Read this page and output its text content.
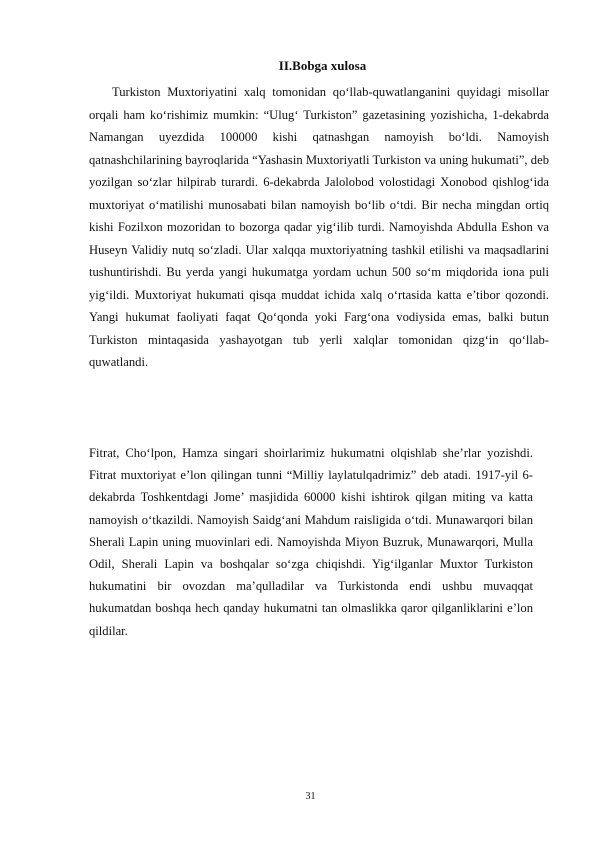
II.Bobga xulosa

Turkiston Muxtoriyatini xalq tomonidan qo‘llab-quwatlanganini quyidagi misollar orqali ham ko‘rishimiz mumkin: “Ulug‘ Turkiston” gazetasining yozishicha, 1-dekabrda Namangan uyezdida 100000 kishi qatnashgan namoyish bo‘ldi. Namoyish qatnashchilarining bayroqlarida “Yashasin Muxtoriyatli Turkiston va uning hukumati”, deb yozilgan so‘zlar hilpirab turardi. 6-dekabrda Jalolobod volostidagi Xonobod qishlog‘ida muxtoriyat o‘matilishi munosabati bilan namoyish bo‘lib o‘tdi. Bir necha mingdan ortiq kishi Fozilxon mozoridan to bozorga qadar yig‘ilib turdi. Namoyishda Abdulla Eshon va Huseyn Validiy nutq so‘zladi. Ular xalqqa muxtoriyatning tashkil etilishi va maqsadlarini tushuntirishdi. Bu yerda yangi hukumatga yordam uchun 500 so‘m miqdorida iona puli yig‘ildi. Muxtoriyat hukumati qisqa muddat ichida xalq o‘rtasida katta e’tibor qozondi. Yangi hukumat faoliyati faqat Qo‘qonda yoki Farg‘ona vodiysida emas, balki butun Turkiston mintaqasida yashayotgan tub yerli xalqlar tomonidan qizg‘in qo‘llab-quwatlandi.

Fitrat, Cho‘lpon, Hamza singari shoirlarimiz hukumatni olqishlab she’rlar yozishdi. Fitrat muxtoriyat e’lon qilingan tunni “Milliy laylatulqadrimiz” deb atadi. 1917-yil 6- dekabrda Toshkentdagi Jome’ masjidida 60000 kishi ishtirok qilgan miting va katta namoyish o‘tkazildi. Namoyish Saidg‘ani Mahdum raisligida o‘tdi. Munawarqori bilan Sherali Lapin uning muovinlari edi. Namoyishda Miyon Buzruk, Munawarqori, Mulla Odil, Sherali Lapin va boshqalar so‘zga chiqishdi. Yig‘ilganlar Muxtor Turkiston hukumatini bir ovozdan ma’qulladilar va Turkistonda endi ushbu muvaqqat hukumatdan boshqa hech qanday hukumatni tan olmaslikka qaror qilganliklarini e’lon qildilar.

31
